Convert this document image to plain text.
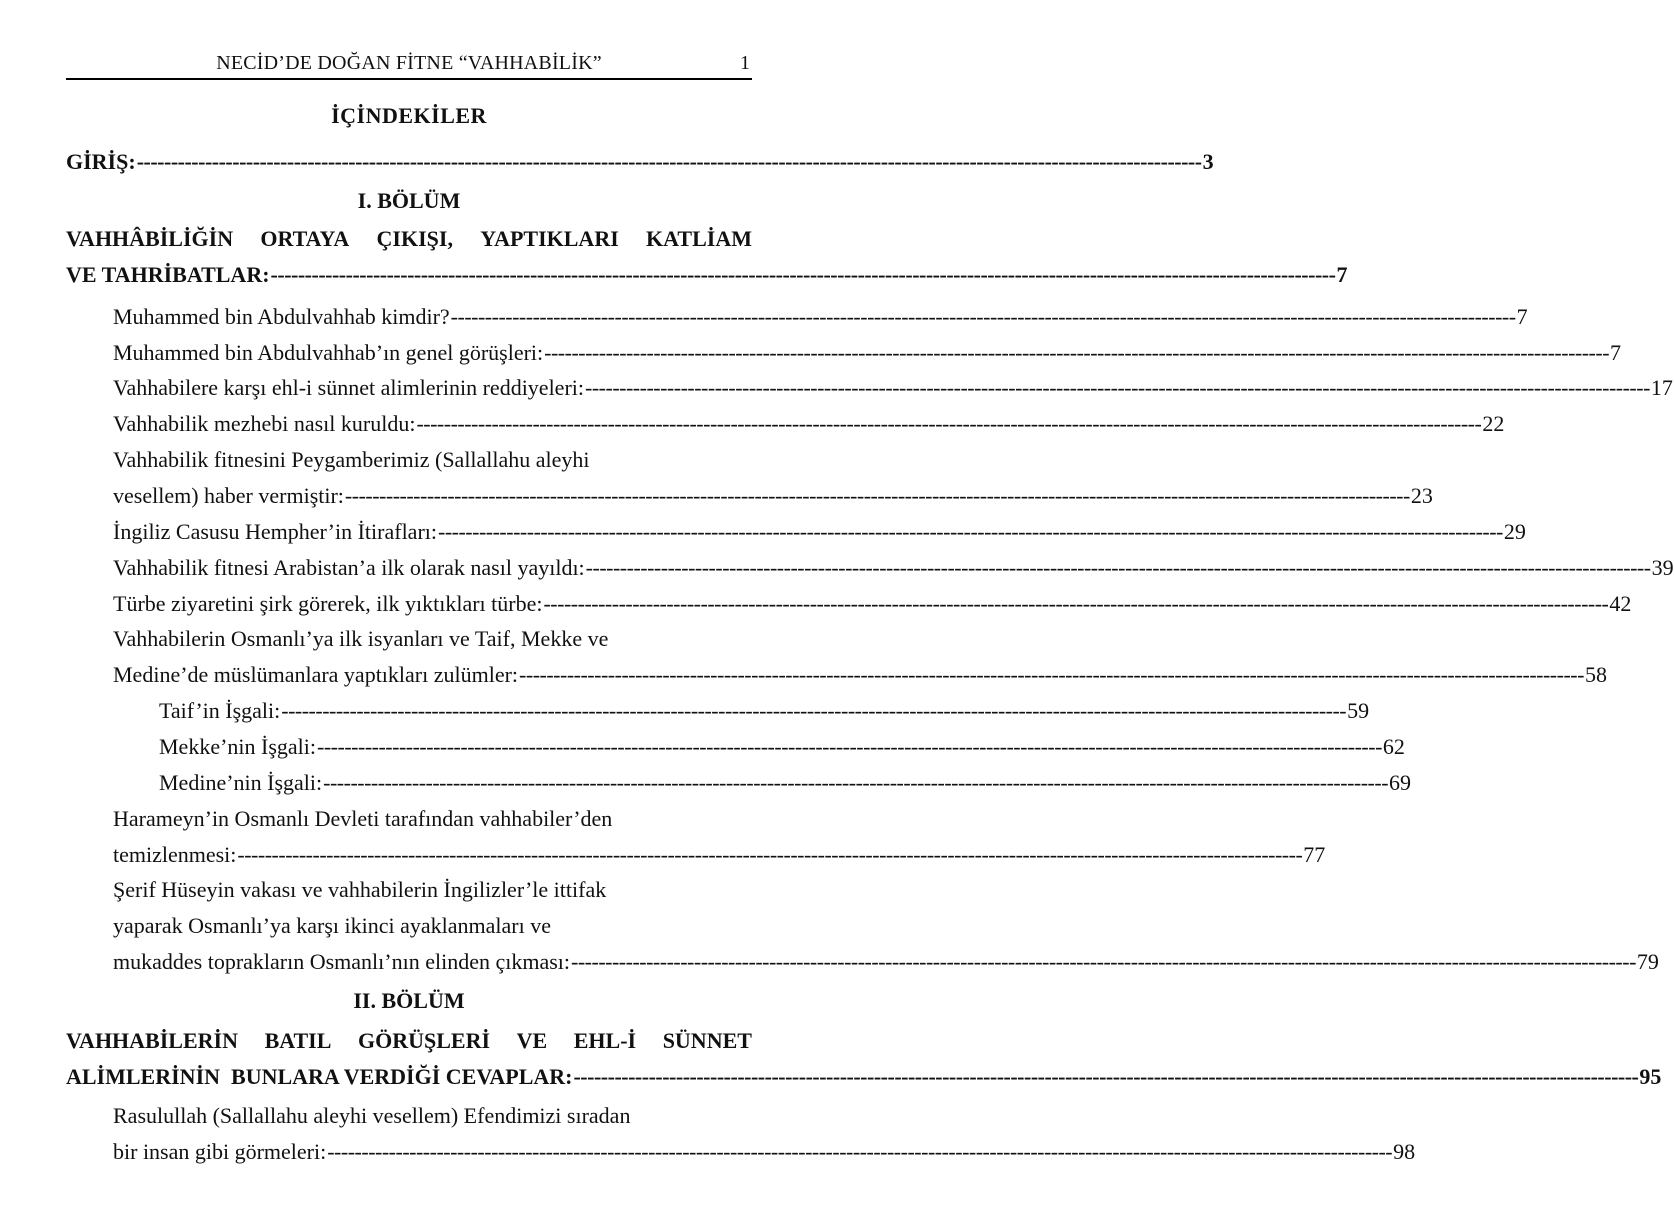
NECİD’DE DOĞAN FİTNE “VAHHABİLİK”	1
İÇİNDEKİLER
GİRİŞ: ------------------------------------------------------------------------------------------------------------------------------------------------------------ 3
I. BÖLÜM
VAHHÂBİLİĞİN ORTAYA ÇIKIŞI, YAPTIKLARI KATLİAM
VE TAHRİBATLAR: ------------------------------------------------------------------------------------------------------------------------------------------------------------ 7
Muhammed bin Abdulvahhab kimdir? ------------------------------------------------------------------------------------------------------------------------------------------------------------ 7
Muhammed bin Abdulvahhab’ın genel görüşleri: ------------------------------------------------------------------------------------------------------------------------------------------------------------ 7
Vahhabilere karşı ehl-i sünnet alimlerinin reddiyeleri: ------------------------------------------------------------------------------------------------------------------------------------------------------------ 17
Vahhabilik mezhebi nasıl kuruldu: ------------------------------------------------------------------------------------------------------------------------------------------------------------ 22
Vahhabilik fitnesini Peygamberimiz (Sallallahu aleyhi
vesellem) haber vermiştir: ------------------------------------------------------------------------------------------------------------------------------------------------------------ 23
İngiliz Casusu Hempher’in İtirafları: ------------------------------------------------------------------------------------------------------------------------------------------------------------ 29
Vahhabilik fitnesi Arabistan’a ilk olarak nasıl yayıldı: ------------------------------------------------------------------------------------------------------------------------------------------------------------ 39
Türbe ziyaretini şirk görerek, ilk yıktıkları türbe: ------------------------------------------------------------------------------------------------------------------------------------------------------------ 42
Vahhabilerin Osmanlı’ya ilk isyanları ve Taif, Mekke ve
Medine’de müslümanlara yaptıkları zulümler: ------------------------------------------------------------------------------------------------------------------------------------------------------------ 58
Taif’in İşgali: ------------------------------------------------------------------------------------------------------------------------------------------------------------ 59
Mekke’nin İşgali: ------------------------------------------------------------------------------------------------------------------------------------------------------------ 62
Medine’nin İşgali: ------------------------------------------------------------------------------------------------------------------------------------------------------------ 69
Harameyn’in Osmanlı Devleti tarafından vahhabiler’den
temizlenmesi: ------------------------------------------------------------------------------------------------------------------------------------------------------------ 77
Şerif Hüseyin vakası ve vahhabilerin İngilizler’le ittifak
yaparak Osmanlı’ya karşı ikinci ayaklanmaları ve
mukaddes toprakların Osmanlı’nın elinden çıkması: ------------------------------------------------------------------------------------------------------------------------------------------------------------ 79
II. BÖLÜM
VAHHABİLERİN BATIL GÖRÜŞLERİ VE EHL-İ SÜNNET
ALİMLERİNİN  BUNLARA VERDİĞİ CEVAPLAR: ------------------------------------------------------------------------------------------------------------------------------------------------------------ 95
Rasulullah (Sallallahu aleyhi vesellem) Efendimizi sıradan
bir insan gibi görmeleri: ------------------------------------------------------------------------------------------------------------------------------------------------------------ 98
